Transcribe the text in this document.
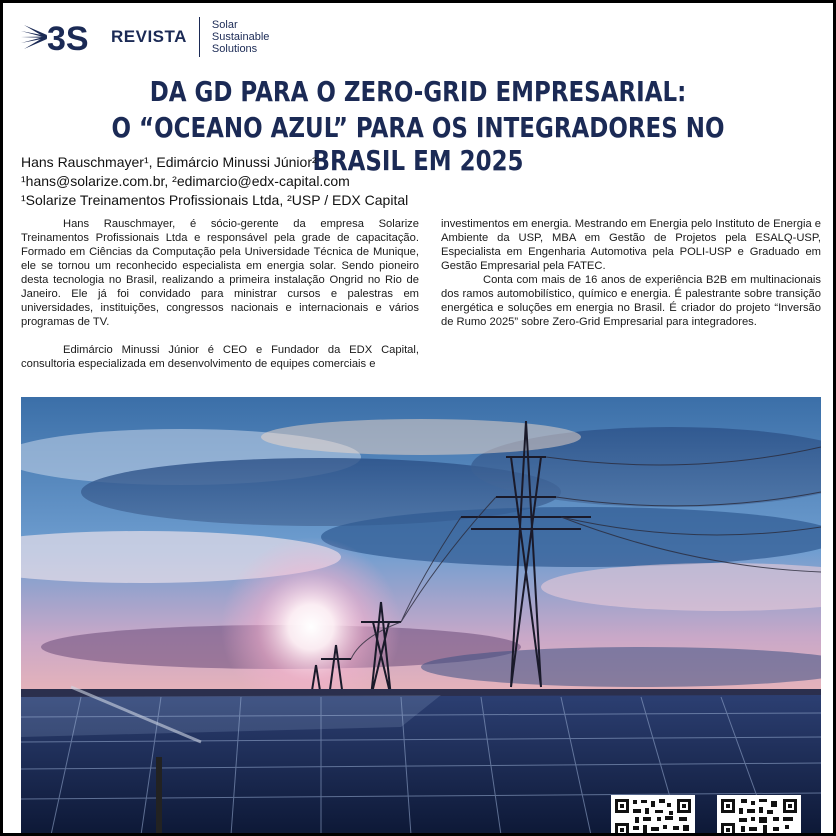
3S REVISTA
Solar
Sustainable
Solutions
DA GD PARA O ZERO-GRID EMPRESARIAL:
O “OCEANO AZUL” PARA OS INTEGRADORES NO BRASIL EM 2025
Hans Rauschmayer¹, Edimárcio Minussi Júnior²
¹hans@solarize.com.br, ²edimarcio@edx-capital.com
¹Solarize Treinamentos Profissionais Ltda, ²USP / EDX Capital

Hans Rauschmayer, é sócio-gerente da empresa Solarize Treinamentos Profissionais Ltda e responsável pela grade de capacitação. Formado em Ciências da Computação pela Universidade Técnica de Munique, ele se tornou um reconhecido especialista em energia solar. Sendo pioneiro desta tecnologia no Brasil, realizando a primeira instalação Ongrid no Rio de Janeiro. Ele já foi convidado para ministrar cursos e palestras em universidades, instituições, congressos nacionais e internacionais e vários programas de TV.

Edimárcio Minussi Júnior é CEO e Fundador da EDX Capital, consultoria especializada em desenvolvimento de equipes comerciais e

investimentos em energia. Mestrando em Energia pelo Instituto de Energia e Ambiente da USP, MBA em Gestão de Projetos pela ESALQ-USP, Especialista em Engenharia Automotiva pela POLI-USP e Graduado em Gestão Empresarial pela FATEC.

Conta com mais de 16 anos de experiência B2B em multinacionais dos ramos automobilístico, químico e energia. É palestrante sobre transição energética e soluções em energia no Brasil. É criador do projeto “Inversão de Rumo 2025” sobre Zero-Grid Empresarial para integradores.
